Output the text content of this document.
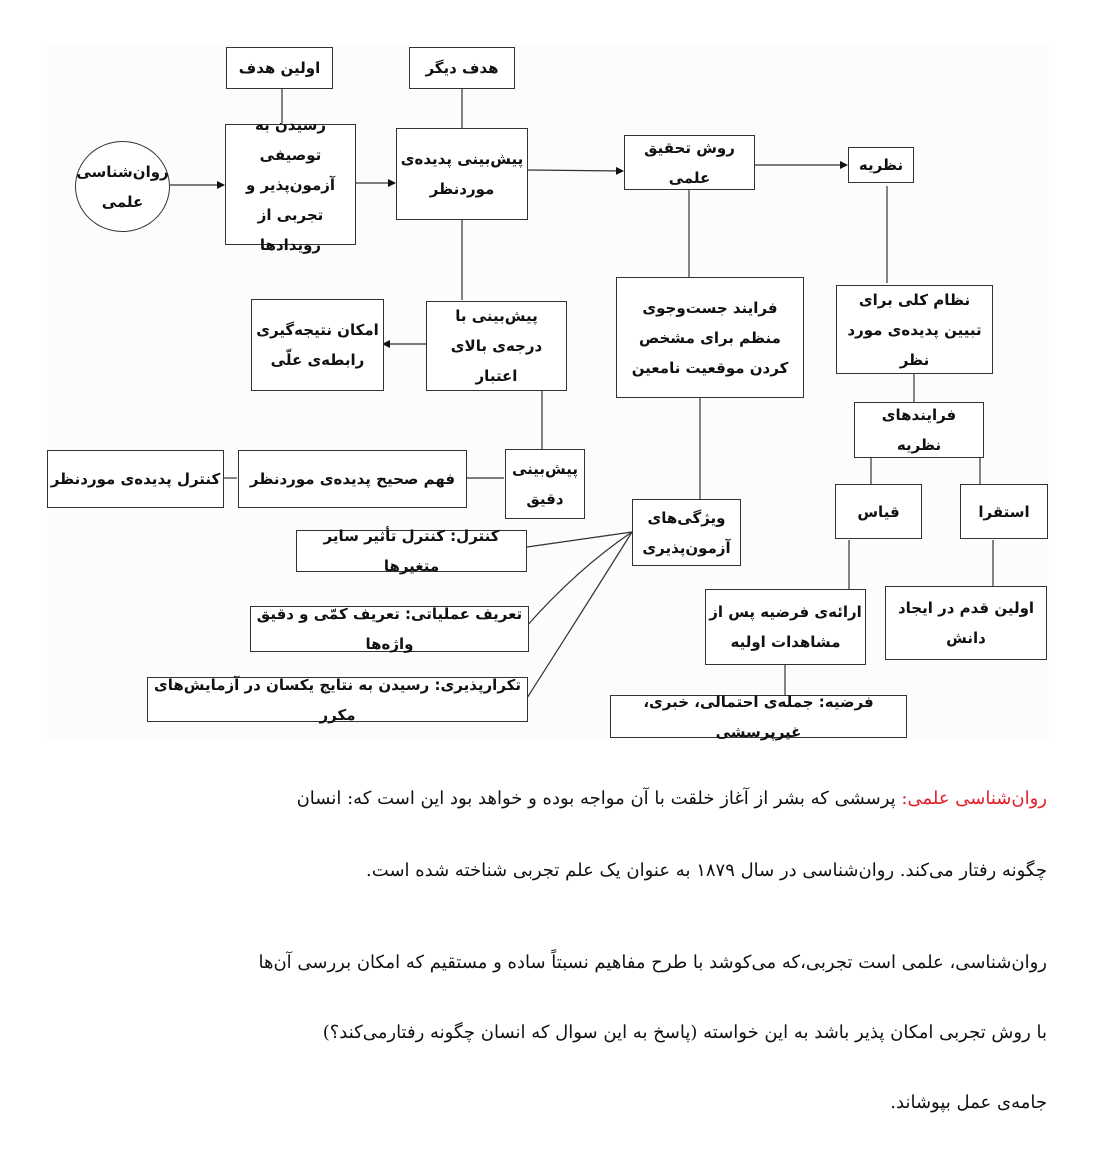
روان‌شناسی علمی
اولین هدف
رسیدن به توصیفی آزمون‌پذیر و تجربی از رویدادها
هدف دیگر
پیش‌بینی پدیده‌ی موردنظر
روش تحقیق علمی
نظریه
پیش‌بینی با درجه‌ی بالای اعتبار
امکان نتیجه‌گیری رابطه‌ی علّی
فرایند جست‌وجوی منظم برای مشخص کردن موقعیت نامعین
نظام کلی برای تبیین پدیده‌ی مورد نظر
فرایندهای نظریه
پیش‌بینی دقیق
فهم صحیح پدیده‌ی موردنظر
کنترل پدیده‌ی موردنظر
ویژگی‌های آزمون‌پذیری
قیاس	استقرا
کنترل: کنترل تأثیر سایر متغیرها
تعریف عملیاتی: تعریف کمّی و دقیق واژه‌ها
تکرارپذیری: رسیدن به نتایج یکسان در آزمایش‌های مکرر
ارائه‌ی فرضیه پس از مشاهدات اولیه
اولین قدم در ایجاد دانش
فرضیه: جمله‌ی احتمالی، خبری، غیرپرسشی
روان‌شناسی علمی: پرسشی که بشر از آغاز خلقت با آن مواجه بوده و خواهد بود این است که: انسان
چگونه رفتار می‌کند. روان‌شناسی در سال ۱۸۷۹ به عنوان یک علم تجربی شناخته شده است.
روان‌شناسی، علمی است تجربی،که می‌کوشد با طرح مفاهیم نسبتاً ساده و مستقیم که امکان بررسی آن‌ها
با روش تجربی امکان پذیر باشد به این خواسته (پاسخ به این سوال که انسان چگونه رفتارمی‌کند؟)
جامه‌ی عمل بپوشاند.
